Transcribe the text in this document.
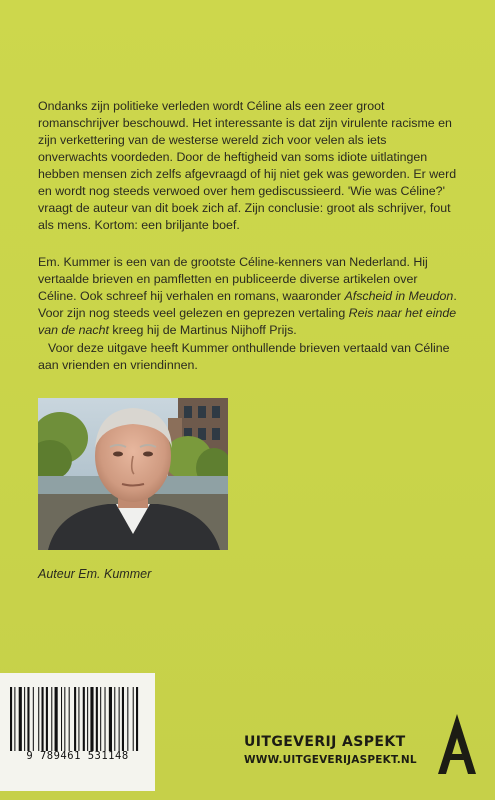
Ondanks zijn politieke verleden wordt Céline als een zeer groot romanschrijver beschouwd. Het interessante is dat zijn virulente racisme en zijn verkettering van de westerse wereld zich voor velen als iets onverwachts voordeden. Door de heftigheid van soms idiote uitlatingen hebben mensen zich zelfs afgevraagd of hij niet gek was geworden. Er werd en wordt nog steeds verwoed over hem gediscussieerd. 'Wie was Céline?' vraagt de auteur van dit boek zich af. Zijn conclusie: groot als schrijver, fout als mens. Kortom: een briljante boef.

Em. Kummer is een van de grootste Céline-kenners van Nederland. Hij vertaalde brieven en pamfletten en publiceerde diverse artikelen over Céline. Ook schreef hij verhalen en romans, waaronder Afscheid in Meudon. Voor zijn nog steeds veel gelezen en geprezen vertaling Reis naar het einde van de nacht kreeg hij de Martinus Nijhoff Prijs.

Voor deze uitgave heeft Kummer onthullende brieven vertaald van Céline aan vrienden en vriendinnen.

Auteur Em. Kummer
9 789461 531148
UITGEVERIJ ASPEKT
WWW.UITGEVERIJASPEKT.NL
